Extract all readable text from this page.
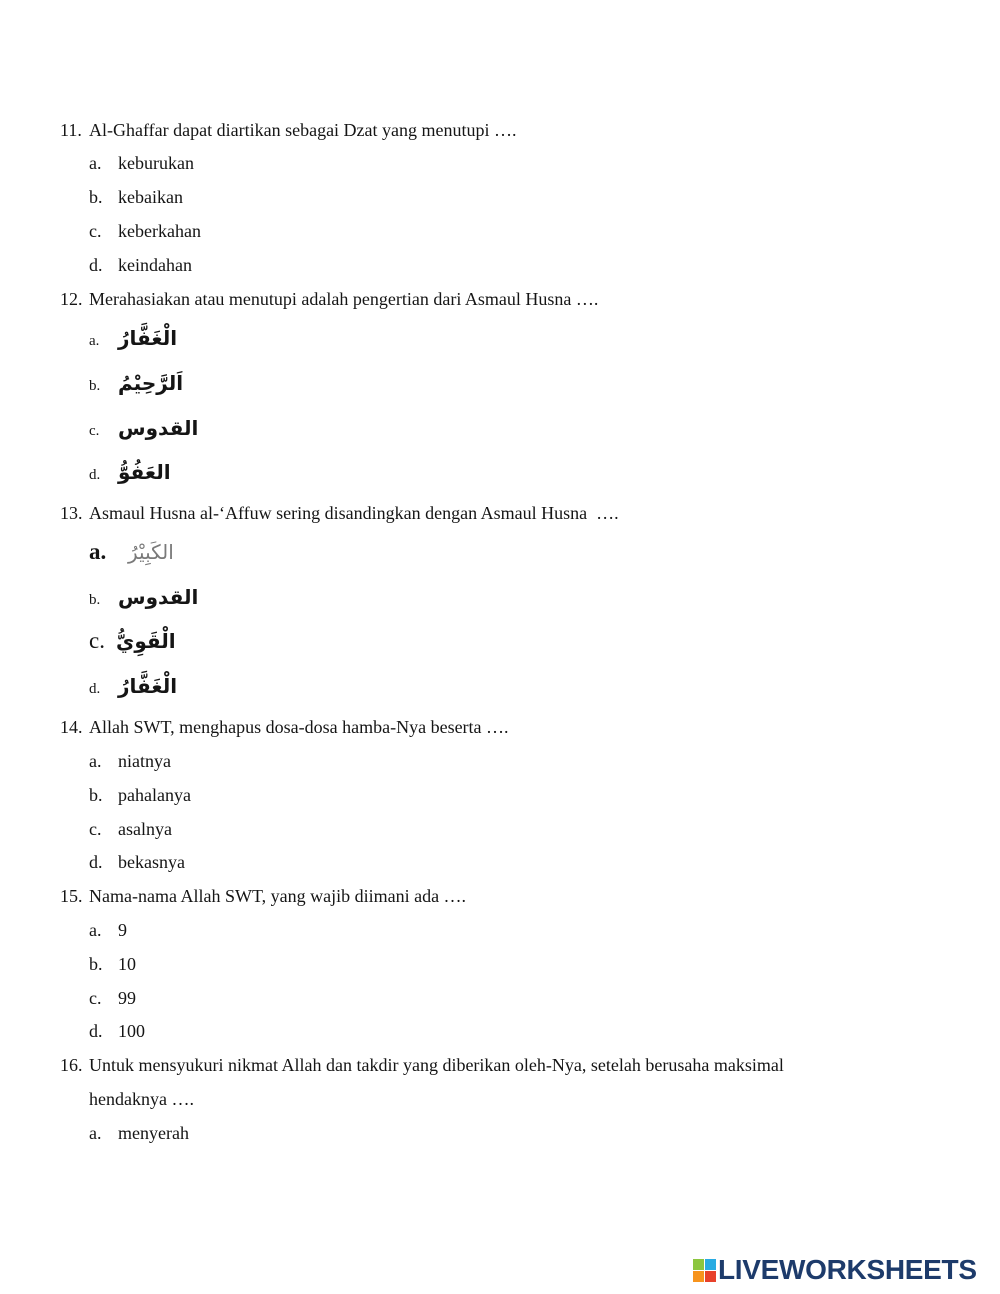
11. Al-Ghaffar dapat diartikan sebagai Dzat yang menutupi ….
a. keburukan
b. kebaikan
c. keberkahan
d. keindahan
12. Merahasiakan atau menutupi adalah pengertian dari Asmaul Husna ….
a. الْغَفَّارُ
b. اَلرَّحِيْمُ
c. القدوس
d. العَفُوُّ
13. Asmaul Husna al-‘Affuw sering disandingkan dengan Asmaul Husna  ….
a.	الكَبِيْرُ
b. القدوس
c. الْقَوِيُّ
d. الْغَفَّارُ
14. Allah SWT, menghapus dosa-dosa hamba-Nya beserta ….
a. niatnya
b. pahalanya
c. asalnya
d. bekasnya
15. Nama-nama Allah SWT, yang wajib diimani ada ….
a. 9
b. 10
c. 99
d. 100
16. Untuk mensyukuri nikmat Allah dan takdir yang diberikan oleh-Nya, setelah berusaha maksimal
hendaknya ….
a. menyerah
LIVEWORKSHEETS
